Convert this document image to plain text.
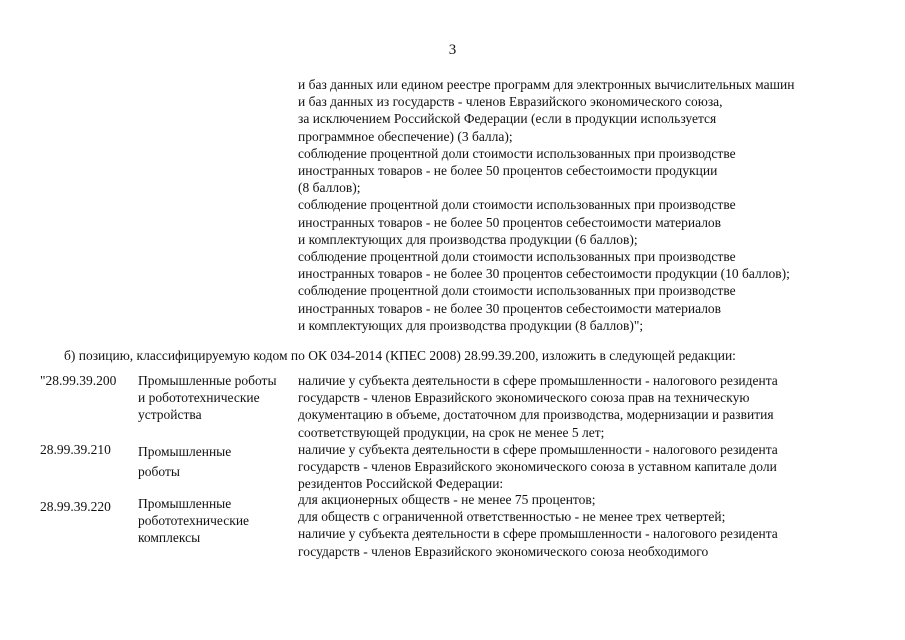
3
и баз данных или едином реестре программ для электронных вычислительных машин
и баз данных из государств - членов Евразийского экономического союза,
за исключением Российской Федерации (если в продукции используется
программное обеспечение) (3 балла);
соблюдение процентной доли стоимости использованных при производстве
иностранных товаров - не более 50 процентов себестоимости продукции
(8 баллов);
соблюдение процентной доли стоимости использованных при производстве
иностранных товаров - не более 50 процентов себестоимости материалов
и комплектующих для производства продукции (6 баллов);
соблюдение процентной доли стоимости использованных при производстве
иностранных товаров - не более 30 процентов себестоимости продукции (10 баллов);
соблюдение процентной доли стоимости использованных при производстве
иностранных товаров - не более 30 процентов себестоимости материалов
и комплектующих для производства продукции (8 баллов)";
б) позицию, классифицируемую кодом по ОК 034-2014 (КПЕС 2008) 28.99.39.200, изложить в следующей редакции:
"28.99.39.200 Промышленные роботы
и робототехнические
устройства
наличие у субъекта деятельности в сфере промышленности - налогового резидента
государств - членов Евразийского экономического союза прав на техническую
документацию в объеме, достаточном для производства, модернизации и развития
соответствующей продукции, на срок не менее 5 лет;
28.99.39.210 Промышленные
роботы
наличие у субъекта деятельности в сфере промышленности - налогового резидента
государств - членов Евразийского экономического союза в уставном капитале доли
резидентов Российской Федерации:
28.99.39.220 Промышленные
робототехнические
комплексы
для акционерных обществ - не менее 75 процентов;
для обществ с ограниченной ответственностью - не менее трех четвертей;
наличие у субъекта деятельности в сфере промышленности - налогового резидента
государств - членов Евразийского экономического союза необходимого
